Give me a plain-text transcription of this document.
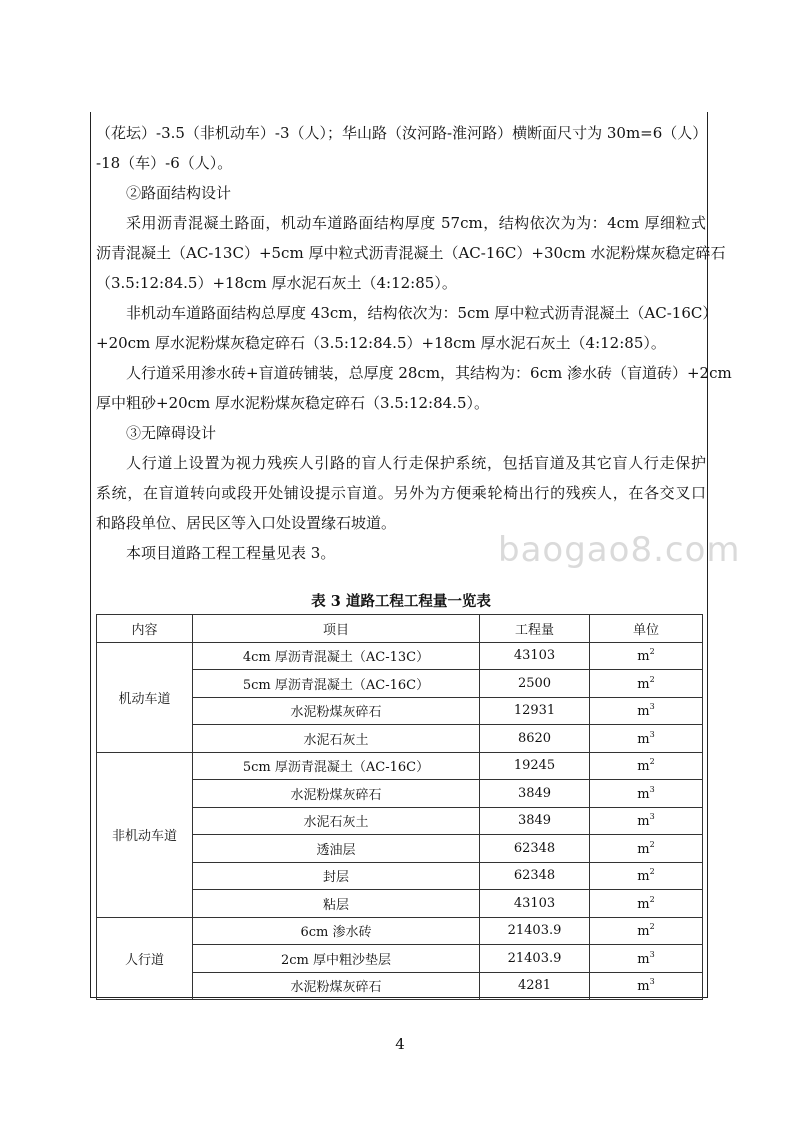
（花坛）-3.5（非机动车）-3（人）；华山路（汝河路-淮河路）横断面尺寸为 30m=6（人）
-18（车）-6（人）。
②路面结构设计
采用沥青混凝土路面，机动车道路面结构厚度 57cm，结构依次为为：4cm 厚细粒式
沥青混凝土（AC-13C）+5cm 厚中粒式沥青混凝土（AC-16C）+30cm 水泥粉煤灰稳定碎石
（3.5:12:84.5）+18cm 厚水泥石灰土（4:12:85）。
非机动车道路面结构总厚度 43cm，结构依次为：5cm 厚中粒式沥青混凝土（AC-16C）
+20cm 厚水泥粉煤灰稳定碎石（3.5:12:84.5）+18cm 厚水泥石灰土（4:12:85）。
人行道采用渗水砖+盲道砖铺装，总厚度 28cm，其结构为：6cm 渗水砖（盲道砖）+2cm
厚中粗砂+20cm 厚水泥粉煤灰稳定碎石（3.5:12:84.5）。
③无障碍设计
人行道上设置为视力残疾人引路的盲人行走保护系统，包括盲道及其它盲人行走保护
系统，在盲道转向或段开处铺设提示盲道。另外为方便乘轮椅出行的残疾人，在各交叉口
和路段单位、居民区等入口处设置缘石坡道。
本项目道路工程工程量见表 3。
表 3 道路工程工程量一览表
内容	项目	工程量	单位
机动车道	4cm 厚沥青混凝土（AC-13C）	43103	$m^2$
	5cm 厚沥青混凝土（AC-16C）	2500	$m^2$
	水泥粉煤灰碎石	12931	$m^3$
	水泥石灰土	8620	$m^3$
非机动车道	5cm 厚沥青混凝土（AC-16C）	19245	$m^2$
	水泥粉煤灰碎石	3849	$m^3$
	水泥石灰土	3849	$m^3$
	透油层	62348	$m^2$
	封层	62348	$m^2$
	粘层	43103	$m^2$
人行道	6cm 渗水砖	21403.9	$m^2$
	2cm 厚中粗沙垫层	21403.9	$m^3$
	水泥粉煤灰碎石	4281	$m^3$
baogao8.com
4
